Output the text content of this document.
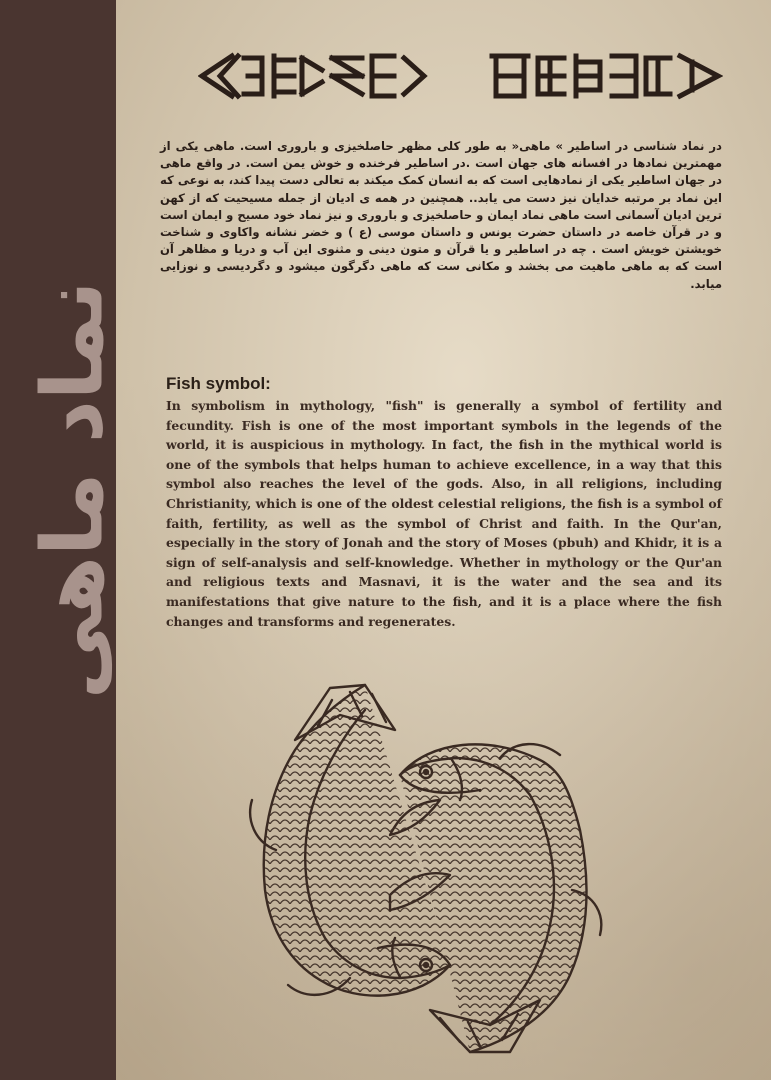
نماد ماهی

در نماد شناسی در اساطیر » ماهی« به طور کلی مظهر حاصلخیزی و باروری است. ماهی یکی از مهمترین نمادها در افسانه های جهان است .در اساطیر فرخنده و خوش یمن است. در واقع ماهی در جهان اساطیر یکی از نمادهایی است که به انسان کمک میکند به تعالی دست پیدا کند، به نوعی که این نماد بر مرتبه خدایان نیز دست می یابد.. همچنین در همه ی ادیان از جمله مسیحیت که از کهن ترین ادیان آسمانی است ماهی نماد ایمان و حاصلخیزی و باروری و نیز نماد خود مسیح و ایمان است و در قرآن خاصه در داستان حضرت یونس و داستان موسی (ع ) و خضر نشانه واکاوی و شناخت خویشتن خویش است . چه در اساطیر و یا قرآن و متون دینی و مثنوی این آب و دریا و مظاهر آن است که به ماهی ماهیت می بخشد و مکانی ست که ماهی دگرگون میشود و دگردیسی و نوزایی میابد.

Fish symbol:

In symbolism in mythology, "fish" is generally a symbol of fertility and fecundity. Fish is one of the most important symbols in the legends of the world, it is auspicious in mythology. In fact, the fish in the mythical world is one of the symbols that helps human to achieve excellence, in a way that this symbol also reaches the level of the gods. Also, in all religions, including Christianity, which is one of the oldest celestial religions, the fish is a symbol of faith, fertility, as well as the symbol of Christ and faith. In the Qur'an, especially in the story of Jonah and the story of Moses (pbuh) and Khidr, it is a sign of self-analysis and self-knowledge. Whether in mythology or the Qur'an and religious texts and Masnavi, it is the water and the sea and its manifestations that give nature to the fish, and it is a place where the fish changes and transforms and regenerates.
